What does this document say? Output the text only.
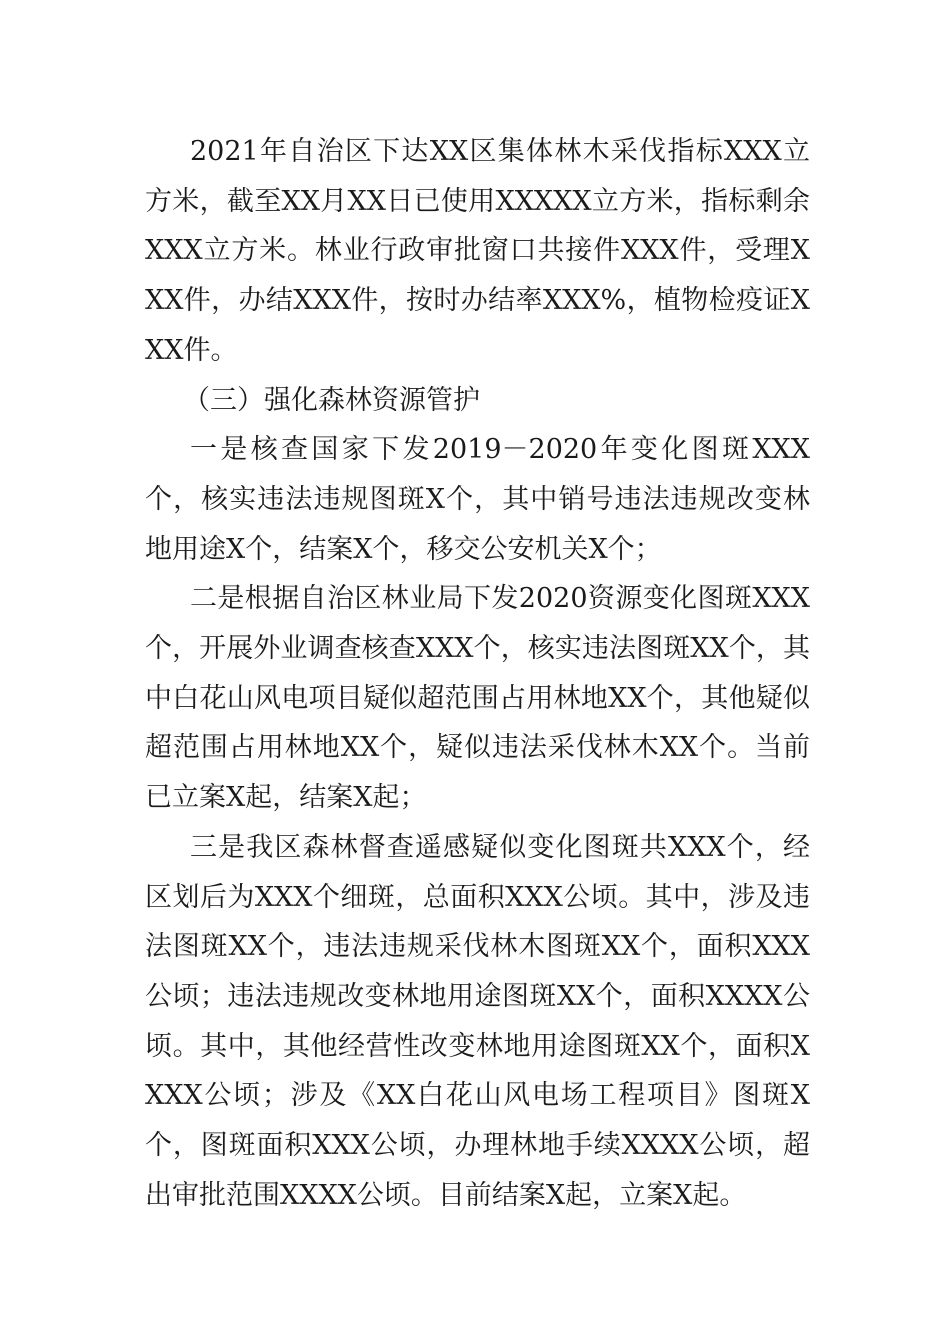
2021年自治区下达XX区集体林木采伐指标XXX立方米，截至XX月XX日已使用XXXXX立方米，指标剩余XXX立方米。林业行政审批窗口共接件XXX件，受理XXX件，办结XXX件，按时办结率XXX%，植物检疫证XXX件。

（三）强化森林资源管护

一是核查国家下发2019－2020年变化图斑XXX个，核实违法违规图斑X个，其中销号违法违规改变林地用途X个，结案X个，移交公安机关X个；

二是根据自治区林业局下发2020资源变化图斑XXX个，开展外业调查核查XXX个，核实违法图斑XX个，其中白花山风电项目疑似超范围占用林地XX个，其他疑似超范围占用林地XX个，疑似违法采伐林木XX个。当前已立案X起，结案X起；

三是我区森林督查遥感疑似变化图斑共XXX个，经区划后为XXX个细斑，总面积XXX公顷。其中，涉及违法图斑XX个，违法违规采伐林木图斑XX个，面积XXX公顷；违法违规改变林地用途图斑XX个，面积XXXX公顷。其中，其他经营性改变林地用途图斑XX个，面积XXXX公顷；涉及《XX白花山风电场工程项目》图斑X个，图斑面积XXX公顷，办理林地手续XXXX公顷，超出审批范围XXXX公顷。目前结案X起，立案X起。
